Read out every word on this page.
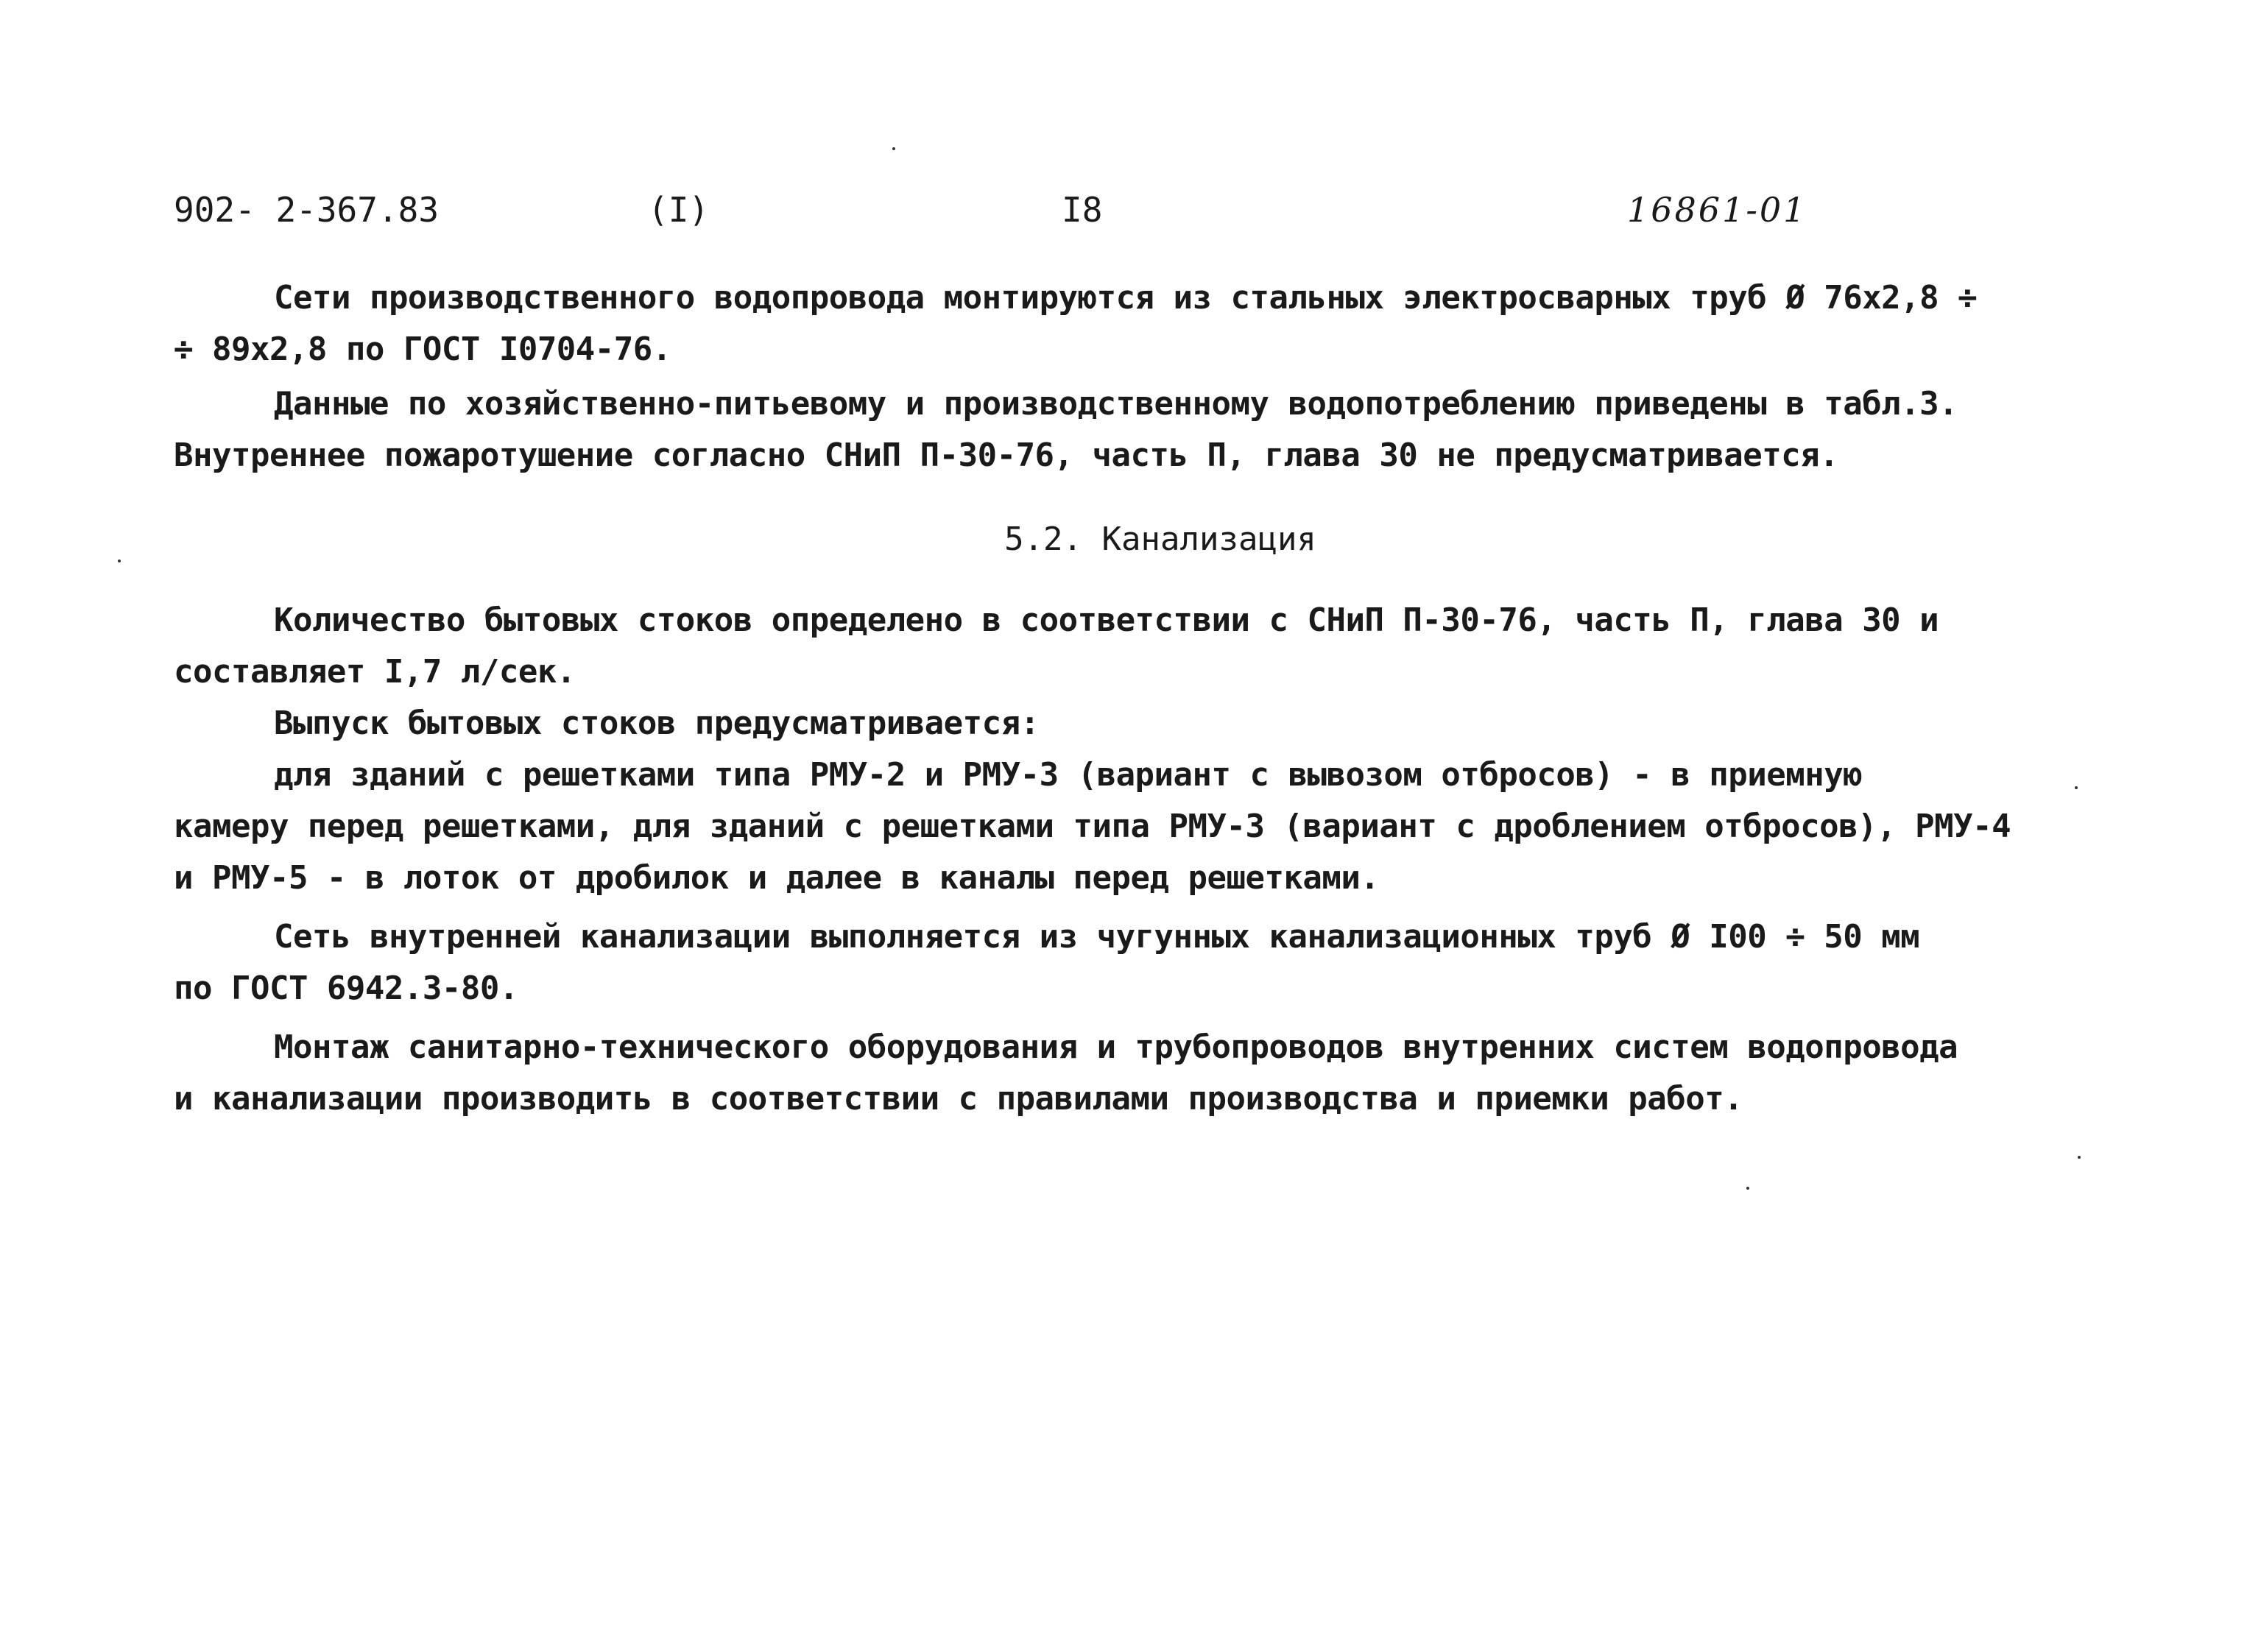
902- 2-367.83	(I)	I8	16861-01
Сети производственного водопровода монтируются из стальных электросварных труб Ø 76х2,8 ÷
÷ 89х2,8 по ГОСТ I0704-76.
Данные по хозяйственно-питьевому и производственному водопотреблению приведены в табл.3.
Внутреннее пожаротушение согласно СНиП П-30-76, часть П, глава 30 не предусматривается.
5.2. Канализация
Количество бытовых стоков определено в соответствии с СНиП П-30-76, часть П, глава 30 и
составляет I,7 л/сек.
Выпуск бытовых стоков предусматривается:
для зданий с решетками типа РМУ-2 и РМУ-3 (вариант с вывозом отбросов) - в приемную
камеру перед решетками, для зданий с решетками типа РМУ-3 (вариант с дроблением отбросов), РМУ-4
и РМУ-5 - в лоток от дробилок и далее в каналы перед решетками.
Сеть внутренней канализации выполняется из чугунных канализационных труб Ø I00 ÷ 50 мм
по ГОСТ 6942.3-80.
Монтаж санитарно-технического оборудования и трубопроводов внутренних систем водопровода
и канализации производить в соответствии с правилами производства и приемки работ.
